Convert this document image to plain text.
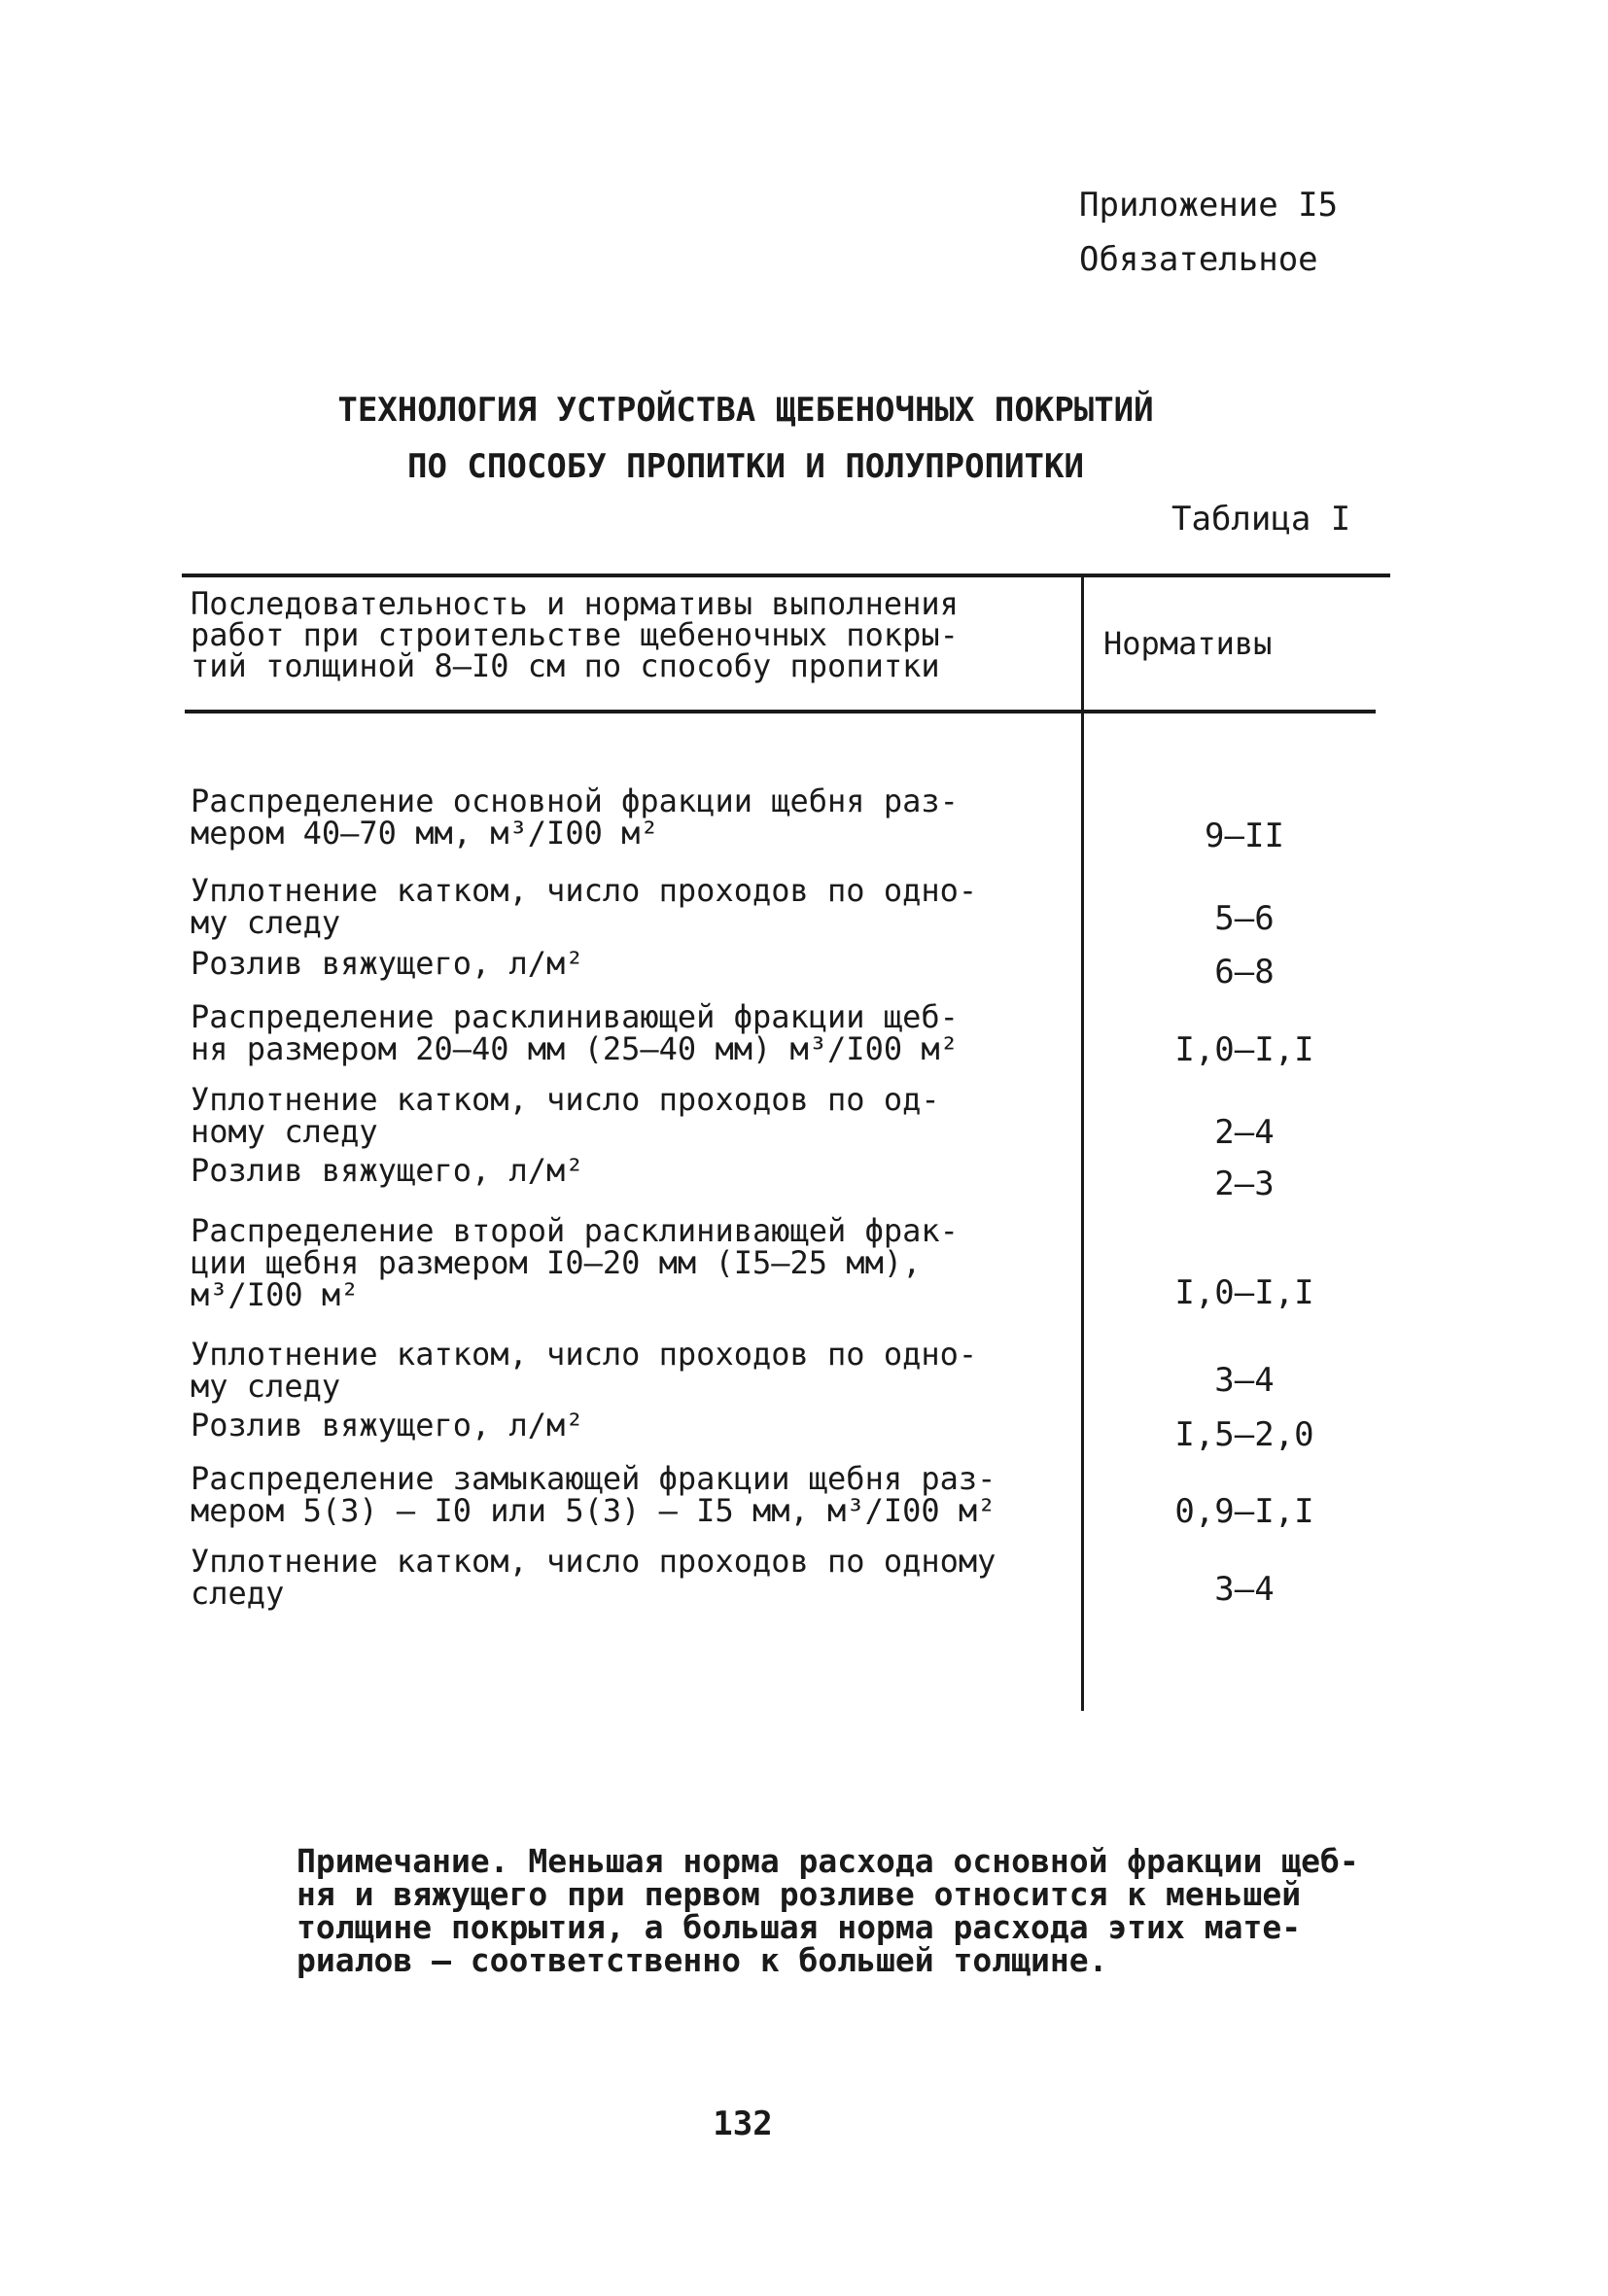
Приложение I5
Обязательное
ТЕХНОЛОГИЯ УСТРОЙСТВА ЩЕБЕНОЧНЫХ ПОКРЫТИЙ
ПО СПОСОБУ ПРОПИТКИ И ПОЛУПРОПИТКИ
Таблица I
Последовательность и нормативы выполнения
работ при строительстве щебеночных покры-
тий толщиной 8–I0 см по способу пропитки
Нормативы
Распределение основной фракции щебня раз-
мером 40–70 мм, м³/I00 м²	9–II
Уплотнение катком, число проходов по одно-
му следу	5–6
Розлив вяжущего, л/м²	6–8
Распределение расклинивающей фракции щеб-
ня размером 20–40 мм (25–40 мм) м³/I00 м²	I,0–I,I
Уплотнение катком, число проходов по од-
ному следу	2–4
Розлив вяжущего, л/м²	2–3
Распределение второй расклинивающей фрак-
ции щебня размером I0–20 мм (I5–25 мм),
м³/I00 м²	I,0–I,I
Уплотнение катком, число проходов по одно-
му следу	3–4
Розлив вяжущего, л/м²	I,5–2,0
Распределение замыкающей фракции щебня раз-
мером 5(3) – I0 или 5(3) – I5 мм, м³/I00 м²	0,9–I,I
Уплотнение катком, число проходов по одному
следу	3–4
Примечание. Меньшая норма расхода основной фракции щеб-
ня и вяжущего при первом розливе относится к меньшей
толщине покрытия, а большая норма расхода этих мате-
риалов – соответственно к большей толщине.
132
